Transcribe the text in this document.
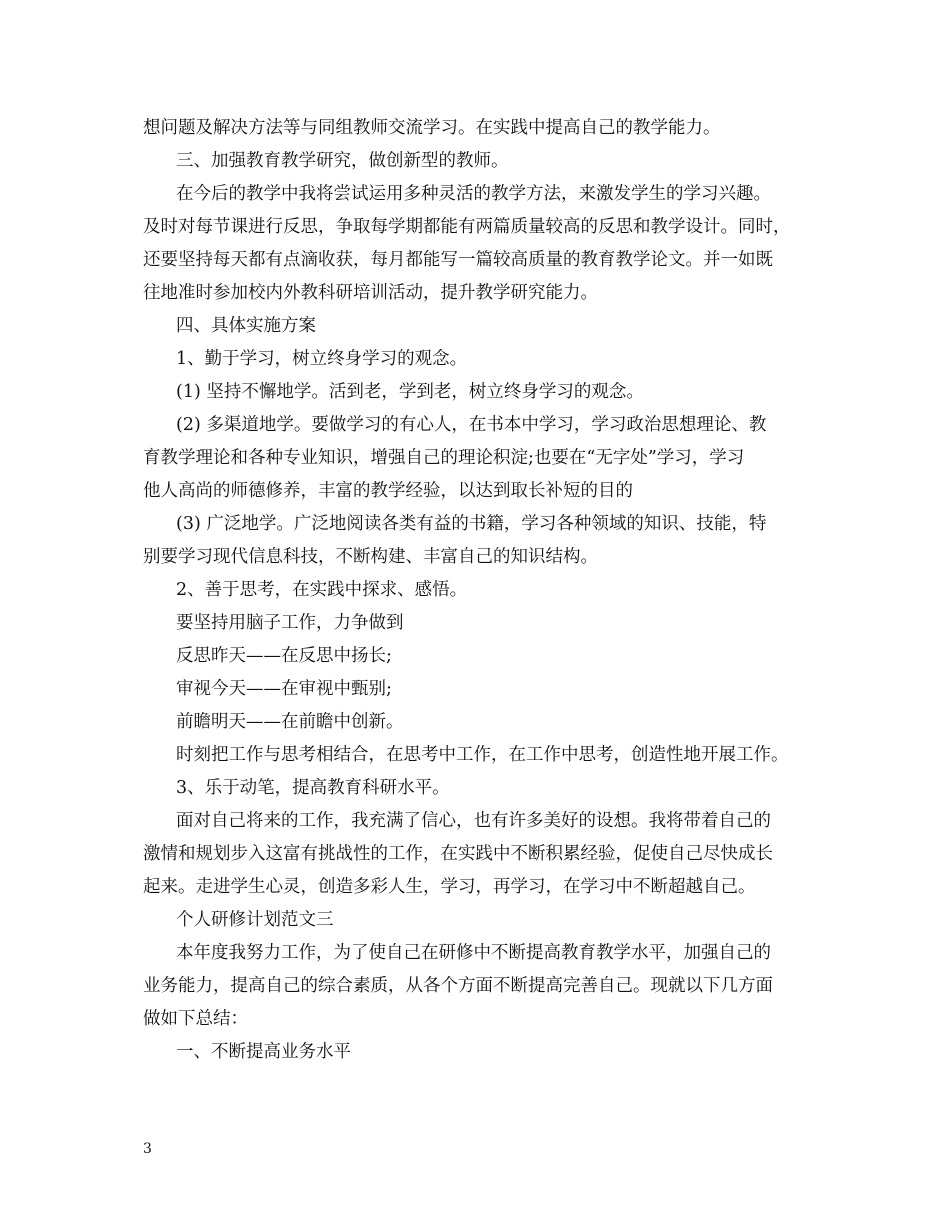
想问题及解决方法等与同组教师交流学习。在实践中提高自己的教学能力。
三、加强教育教学研究，做创新型的教师。
在今后的教学中我将尝试运用多种灵活的教学方法，来激发学生的学习兴趣。
及时对每节课进行反思，争取每学期都能有两篇质量较高的反思和教学设计。同时，
还要坚持每天都有点滴收获，每月都能写一篇较高质量的教育教学论文。并一如既
往地准时参加校内外教科研培训活动，提升教学研究能力。
四、具体实施方案
1、勤于学习，树立终身学习的观念。
(1) 坚持不懈地学。活到老，学到老，树立终身学习的观念。
(2) 多渠道地学。要做学习的有心人，在书本中学习，学习政治思想理论、教
育教学理论和各种专业知识，增强自己的理论积淀;也要在“无字处”学习，学习
他人高尚的师德修养，丰富的教学经验，以达到取长补短的目的
(3) 广泛地学。广泛地阅读各类有益的书籍，学习各种领域的知识、技能，特
别要学习现代信息科技，不断构建、丰富自己的知识结构。
2、善于思考，在实践中探求、感悟。
要坚持用脑子工作，力争做到
反思昨天——在反思中扬长;
审视今天——在审视中甄别;
前瞻明天——在前瞻中创新。
时刻把工作与思考相结合，在思考中工作，在工作中思考，创造性地开展工作。
3、乐于动笔，提高教育科研水平。
面对自己将来的工作，我充满了信心，也有许多美好的设想。我将带着自己的
激情和规划步入这富有挑战性的工作，在实践中不断积累经验，促使自己尽快成长
起来。走进学生心灵，创造多彩人生，学习，再学习，在学习中不断超越自己。
个人研修计划范文三
本年度我努力工作，为了使自己在研修中不断提高教育教学水平，加强自己的
业务能力，提高自己的综合素质，从各个方面不断提高完善自己。现就以下几方面
做如下总结：
一、不断提高业务水平
3
